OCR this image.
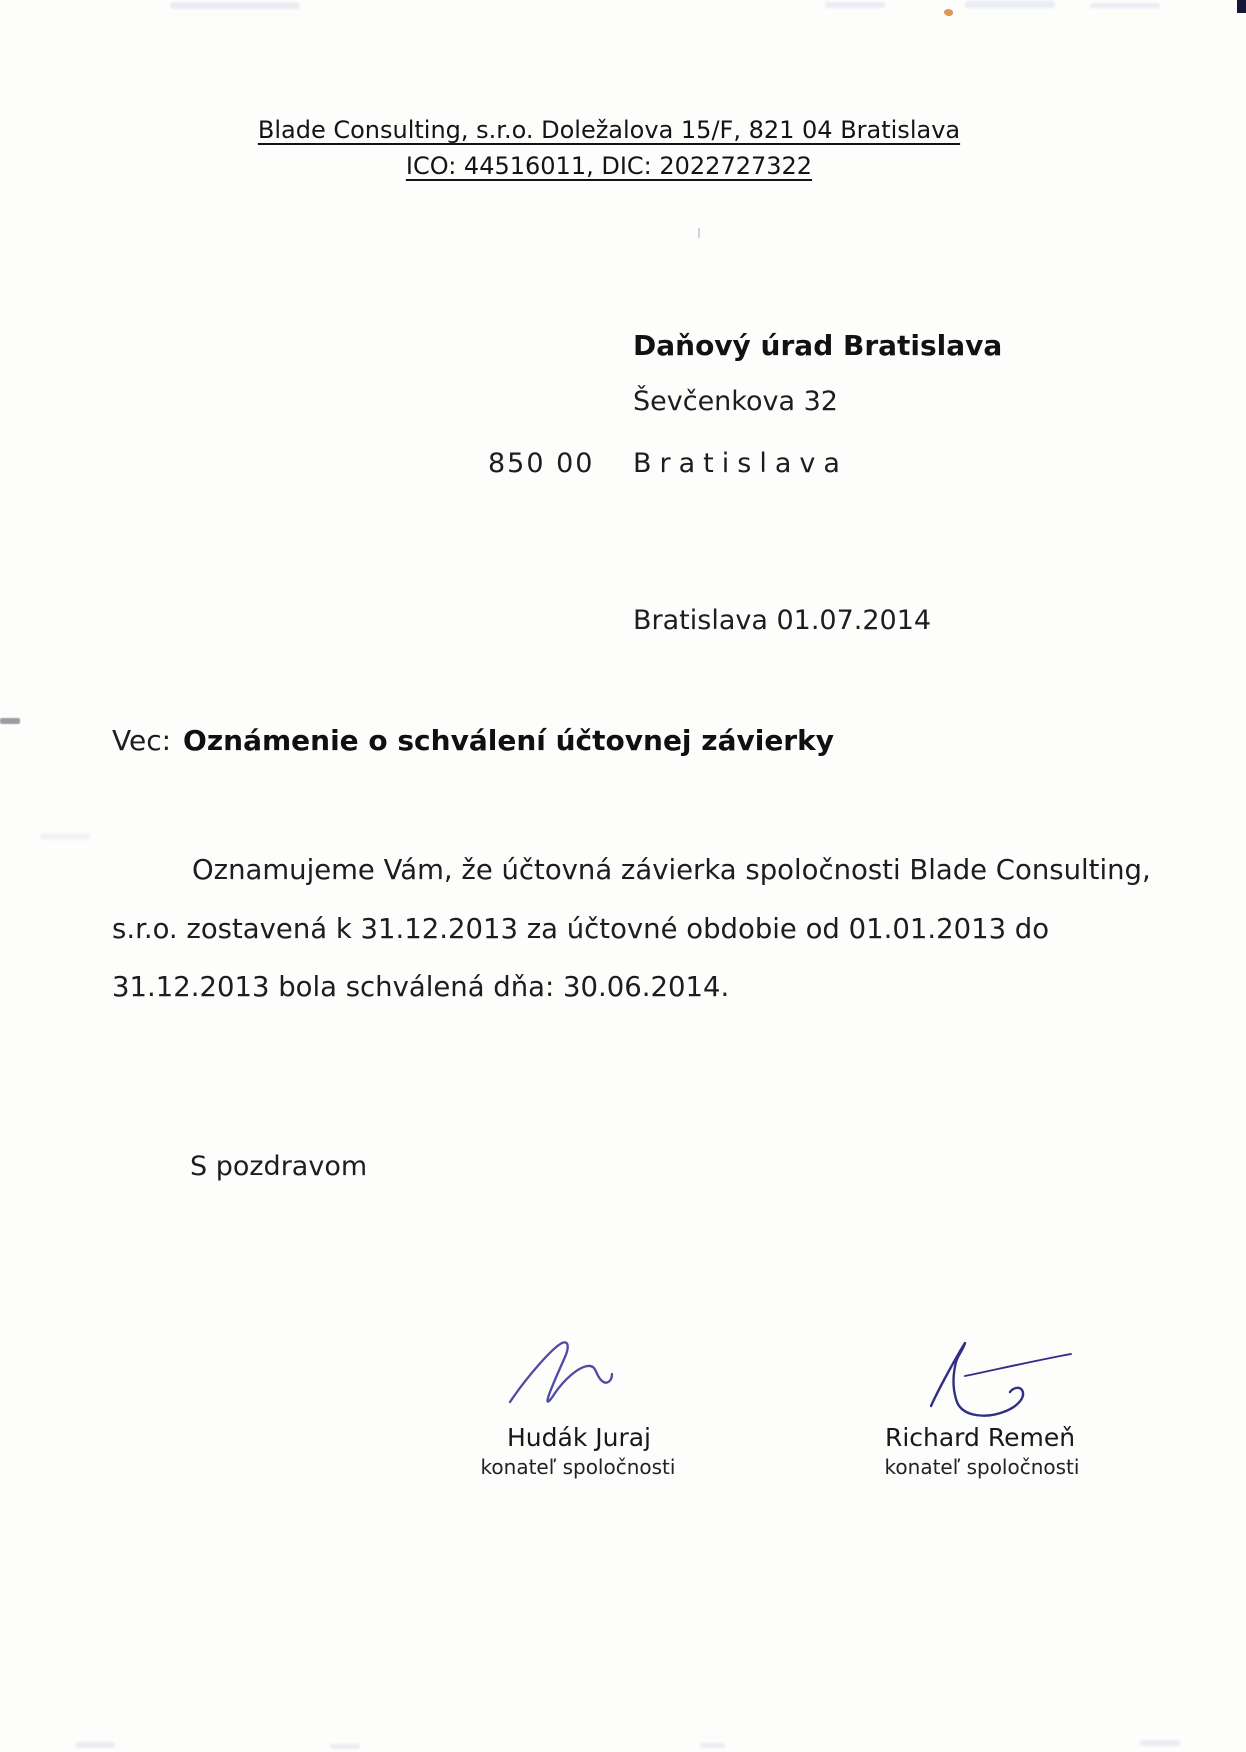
Blade Consulting, s.r.o. Doležalova 15/F, 821 04 Bratislava
ICO: 44516011, DIC: 2022727322
Daňový úrad Bratislava
Ševčenkova 32
850 00 Bratislava
Bratislava 01.07.2014
Vec: Oznámenie o schválení účtovnej závierky
Oznamujeme Vám, že účtovná závierka spoločnosti Blade Consulting,
s.r.o. zostavená k 31.12.2013 za účtovné obdobie od 01.01.2013 do
31.12.2013 bola schválená dňa: 30.06.2014.
S pozdravom
Hudák Juraj
konateľ spoločnosti
Richard Remeň
konateľ spoločnosti
